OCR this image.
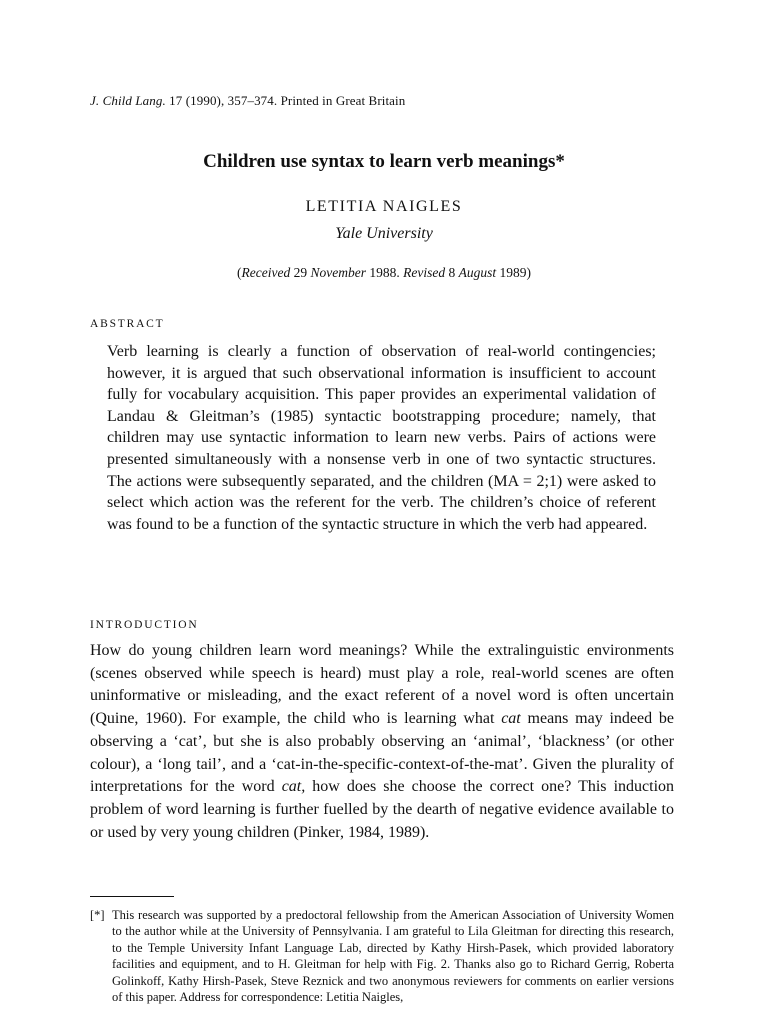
J. Child Lang. 17 (1990), 357–374. Printed in Great Britain
Children use syntax to learn verb meanings*
LETITIA NAIGLES
Yale University
(Received 29 November 1988. Revised 8 August 1989)
ABSTRACT
Verb learning is clearly a function of observation of real-world contingencies; however, it is argued that such observational information is insufficient to account fully for vocabulary acquisition. This paper provides an experimental validation of Landau & Gleitman’s (1985) syntactic bootstrapping procedure; namely, that children may use syntactic information to learn new verbs. Pairs of actions were presented simultaneously with a nonsense verb in one of two syntactic structures. The actions were subsequently separated, and the children (MA = 2;1) were asked to select which action was the referent for the verb. The children’s choice of referent was found to be a function of the syntactic structure in which the verb had appeared.
INTRODUCTION
How do young children learn word meanings? While the extralinguistic environments (scenes observed while speech is heard) must play a role, real-world scenes are often uninformative or misleading, and the exact referent of a novel word is often uncertain (Quine, 1960). For example, the child who is learning what cat means may indeed be observing a ‘cat’, but she is also probably observing an ‘animal’, ‘blackness’ (or other colour), a ‘long tail’, and a ‘cat-in-the-specific-context-of-the-mat’. Given the plurality of interpretations for the word cat, how does she choose the correct one? This induction problem of word learning is further fuelled by the dearth of negative evidence available to or used by very young children (Pinker, 1984, 1989).
[*] This research was supported by a predoctoral fellowship from the American Association of University Women to the author while at the University of Pennsylvania. I am grateful to Lila Gleitman for directing this research, to the Temple University Infant Language Lab, directed by Kathy Hirsh-Pasek, which provided laboratory facilities and equipment, and to H. Gleitman for help with Fig. 2. Thanks also go to Richard Gerrig, Roberta Golinkoff, Kathy Hirsh-Pasek, Steve Reznick and two anonymous reviewers for comments on earlier versions of this paper. Address for correspondence: Letitia Naigles,
